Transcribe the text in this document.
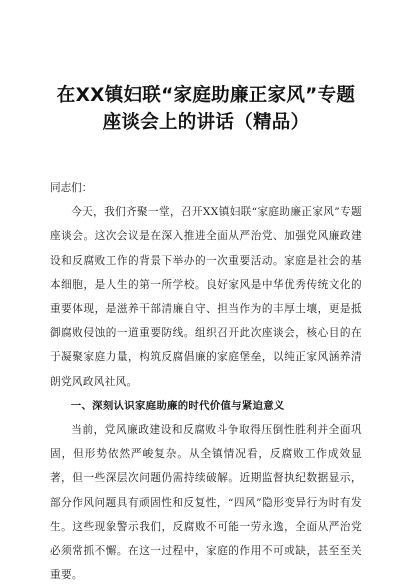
在XX镇妇联“家庭助廉正家风”专题
座谈会上的讲话（精品）

同志们：

今天，我们齐聚一堂，召开XX镇妇联“家庭助廉正家风”专题座谈会。这次会议是在深入推进全面从严治党、加强党风廉政建设和反腐败工作的背景下举办的一次重要活动。家庭是社会的基本细胞，是人生的第一所学校。良好家风是中华优秀传统文化的重要体现，是滋养干部清廉自守、担当作为的丰厚土壤，更是抵御腐败侵蚀的一道重要防线。组织召开此次座谈会，核心目的在于凝聚家庭力量，构筑反腐倡廉的家庭堡垒，以纯正家风涵养清朗党风政风社风。

一、深刻认识家庭助廉的时代价值与紧迫意义

当前，党风廉政建设和反腐败斗争取得压倒性胜利并全面巩固，但形势依然严峻复杂。从全镇情况看，反腐败工作成效显著，但一些深层次问题仍需持续破解。近期监督执纪数据显示，部分作风问题具有顽固性和反复性，“四风”隐形变异行为时有发生。这些现象警示我们，反腐败不可能一劳永逸，全面从严治党必须常抓不懈。在这一过程中，家庭的作用不可或缺，甚至至关重要。
